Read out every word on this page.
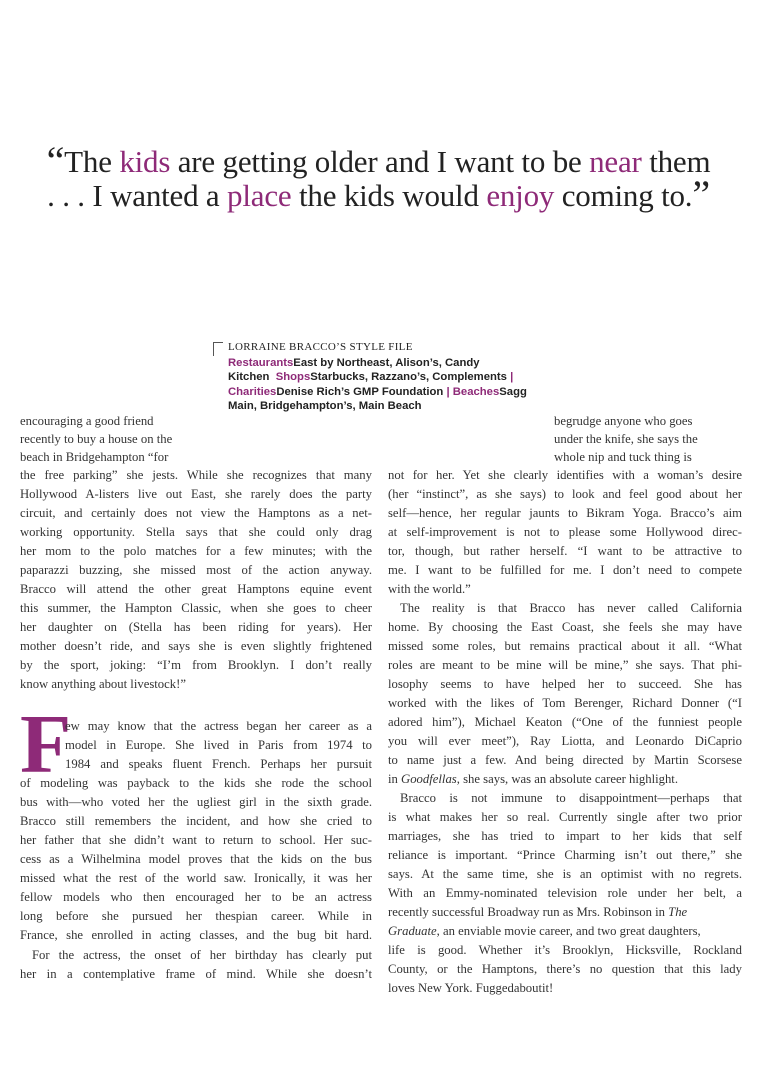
“The kids are getting older and I want to be near them
. . . I wanted a place the kids would enjoy coming to.”
LORRAINE BRACCO’S STYLE FILE
RestaurantsEast by Northeast, Alison’s, Candy Kitchen ShopsStarbucks, Razzano’s, Complements | CharitiesDenise Rich’s GMP Foundation | BeachesSagg Main, Bridgehampton’s, Main Beach
encouraging a good friend
recently to buy a house on the
beach in Bridgehampton “for
the free parking” she jests. While she recognizes that many
Hollywood A-listers live out East, she rarely does the party
circuit, and certainly does not view the Hamptons as a net-
working opportunity. Stella says that she could only drag
her mom to the polo matches for a few minutes; with the
paparazzi buzzing, she missed most of the action anyway.
Bracco will attend the other great Hamptons equine event
this summer, the Hampton Classic, when she goes to cheer
her daughter on (Stella has been riding for years). Her
mother doesn’t ride, and says she is even slightly frightened
by the sport, joking: “I’m from Brooklyn. I don’t really
know anything about livestock!”
F
ew may know that the actress began her career as a
model in Europe. She lived in Paris from 1974 to
1984 and speaks fluent French. Perhaps her pursuit
of modeling was payback to the kids she rode the school
bus with—who voted her the ugliest girl in the sixth grade.
Bracco still remembers the incident, and how she cried to
her father that she didn’t want to return to school. Her suc-
cess as a Wilhelmina model proves that the kids on the bus
missed what the rest of the world saw. Ironically, it was her
fellow models who then encouraged her to be an actress
long before she pursued her thespian career. While in
France, she enrolled in acting classes, and the bug bit hard.
For the actress, the onset of her birthday has clearly put
her in a contemplative frame of mind. While she doesn’t
begrudge anyone who goes
under the knife, she says the
whole nip and tuck thing is
not for her. Yet she clearly identifies with a woman’s desire
(her “instinct”, as she says) to look and feel good about her
self—hence, her regular jaunts to Bikram Yoga. Bracco’s aim
at self-improvement is not to please some Hollywood direc-
tor, though, but rather herself. “I want to be attractive to
me. I want to be fulfilled for me. I don’t need to compete
with the world.”
The reality is that Bracco has never called California
home. By choosing the East Coast, she feels she may have
missed some roles, but remains practical about it all. “What
roles are meant to be mine will be mine,” she says. That phi-
losophy seems to have helped her to succeed. She has
worked with the likes of Tom Berenger, Richard Donner (“I
adored him”), Michael Keaton (“One of the funniest people
you will ever meet”), Ray Liotta, and Leonardo DiCaprio
to name just a few. And being directed by Martin Scorsese
in Goodfellas, she says, was an absolute career highlight.
Bracco is not immune to disappointment—perhaps that
is what makes her so real. Currently single after two prior
marriages, she has tried to impart to her kids that self
reliance is important. “Prince Charming isn’t out there,” she
says. At the same time, she is an optimist with no regrets.
With an Emmy-nominated television role under her belt, a
recently successful Broadway run as Mrs. Robinson in The
Graduate, an enviable movie career, and two great daughters,
life is good. Whether it’s Brooklyn, Hicksville, Rockland
County, or the Hamptons, there’s no question that this lady
loves New York. Fuggedaboutit!
